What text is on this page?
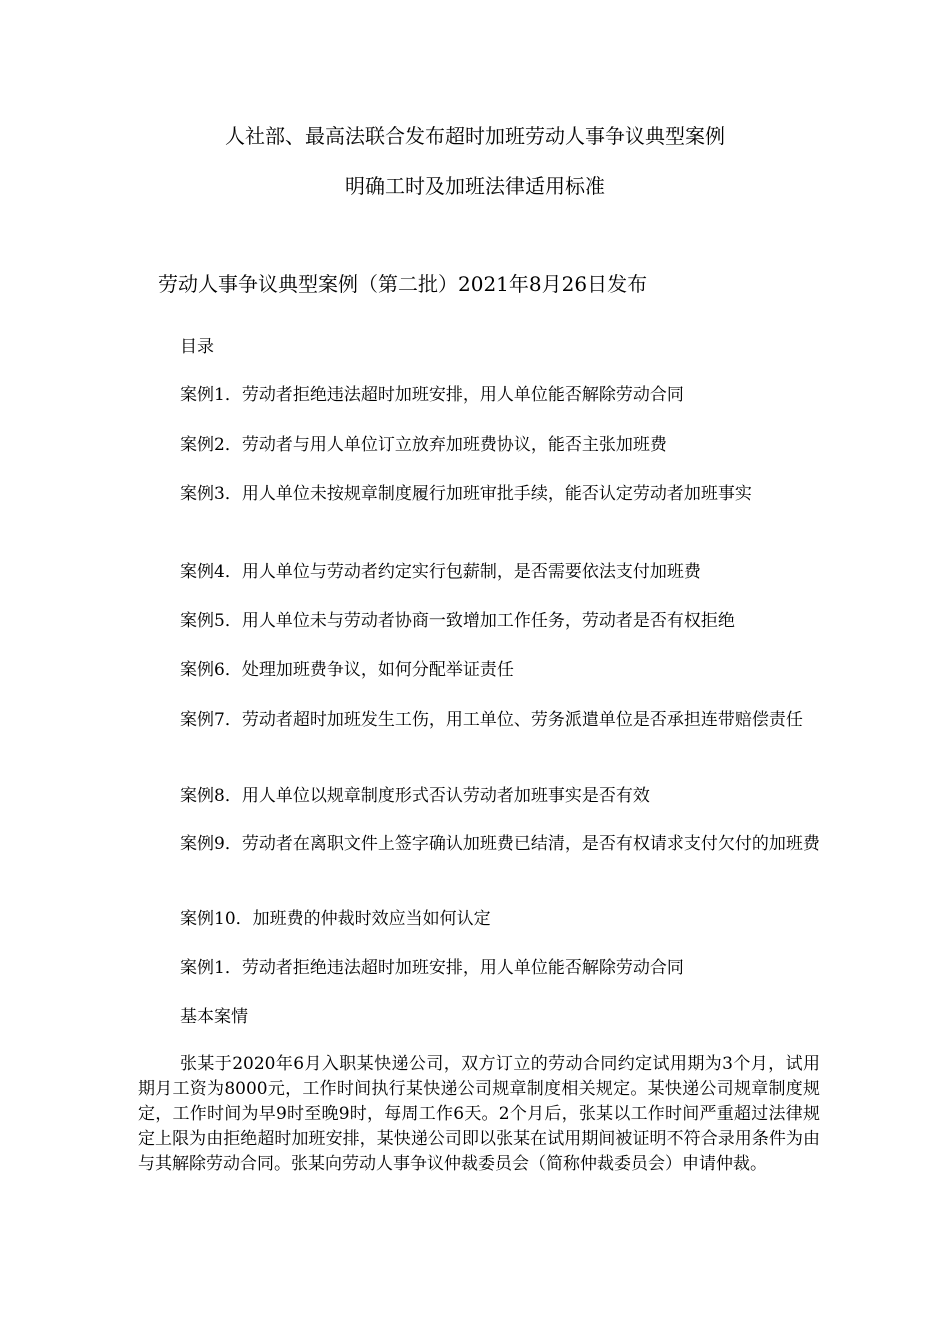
人社部、最高法联合发布超时加班劳动人事争议典型案例
明确工时及加班法律适用标准
劳动人事争议典型案例（第二批）2021年8月26日发布
目录
案例1．劳动者拒绝违法超时加班安排，用人单位能否解除劳动合同
案例2．劳动者与用人单位订立放弃加班费协议，能否主张加班费
案例3．用人单位未按规章制度履行加班审批手续，能否认定劳动者加班事实
案例4．用人单位与劳动者约定实行包薪制，是否需要依法支付加班费
案例5．用人单位未与劳动者协商一致增加工作任务，劳动者是否有权拒绝
案例6．处理加班费争议，如何分配举证责任
案例7．劳动者超时加班发生工伤，用工单位、劳务派遣单位是否承担连带赔偿责任
案例8．用人单位以规章制度形式否认劳动者加班事实是否有效
案例9．劳动者在离职文件上签字确认加班费已结清，是否有权请求支付欠付的加班费
案例10．加班费的仲裁时效应当如何认定
案例1．劳动者拒绝违法超时加班安排，用人单位能否解除劳动合同
基本案情
张某于2020年6月入职某快递公司，双方订立的劳动合同约定试用期为3个月，试用期月工资为8000元，工作时间执行某快递公司规章制度相关规定。某快递公司规章制度规定，工作时间为早9时至晚9时，每周工作6天。2个月后，张某以工作时间严重超过法律规定上限为由拒绝超时加班安排，某快递公司即以张某在试用期间被证明不符合录用条件为由与其解除劳动合同。张某向劳动人事争议仲裁委员会（简称仲裁委员会）申请仲裁。
